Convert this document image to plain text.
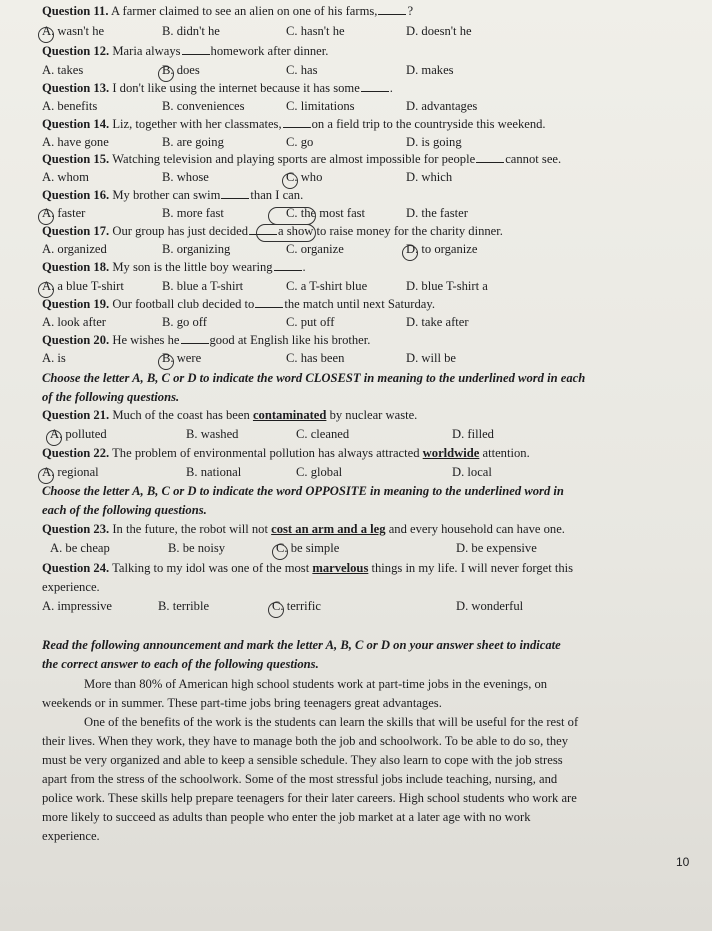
Question 11. A farmer claimed to see an alien on one of his farms, ?
A. wasn't he	B. didn't he	C. hasn't he	D. doesn't he
Question 12. Maria always homework after dinner.
A. takes	B. does	C. has	D. makes
Question 13. I don't like using the internet because it has some .
A. benefits	B. conveniences	C. limitations	D. advantages
Question 14. Liz, together with her classmates, on a field trip to the countryside this weekend.
A. have gone	B. are going	C. go	D. is going
Question 15. Watching television and playing sports are almost impossible for people cannot see.
A. whom	B. whose	C. who	D. which
Question 16. My brother can swim than I can.
A. faster	B. more fast	C. the most fast	D. the faster
Question 17. Our group has just decided a show to raise money for the charity dinner.
A. organized	B. organizing	C. organize	D. to organize
Question 18. My son is the little boy wearing .
A. a blue T-shirt	B. blue a T-shirt	C. a T-shirt blue	D. blue T-shirt a
Question 19. Our football club decided to the match until next Saturday.
A. look after	B. go off	C. put off	D. take after
Question 20. He wishes he good at English like his brother.
A. is	B. were	C. has been	D. will be
Choose the letter A, B, C or D to indicate the word CLOSEST in meaning to the underlined word in each
of the following questions.
Question 21. Much of the coast has been contaminated by nuclear waste.
A. polluted	B. washed	C. cleaned	D. filled
Question 22. The problem of environmental pollution has always attracted worldwide attention.
A. regional	B. national	C. global	D. local
Choose the letter A, B, C or D to indicate the word OPPOSITE in meaning to the underlined word in
each of the following questions.
Question 23. In the future, the robot will not cost an arm and a leg and every household can have one.
A. be cheap	B. be noisy	C. be simple	D. be expensive
Question 24. Talking to my idol was one of the most marvelous things in my life. I will never forget this
experience.
A. impressive	B. terrible	C. terrific	D. wonderful
Read the following announcement and mark the letter A, B, C or D on your answer sheet to indicate
the correct answer to each of the following questions.
More than 80% of American high school students work at part-time jobs in the evenings, on
weekends or in summer. These part-time jobs bring teenagers great advantages.
One of the benefits of the work is the students can learn the skills that will be useful for the rest of
their lives. When they work, they have to manage both the job and schoolwork. To be able to do so, they
must be very organized and able to keep a sensible schedule. They also learn to cope with the job stress
apart from the stress of the schoolwork. Some of the most stressful jobs include teaching, nursing, and
police work. These skills help prepare teenagers for their later careers. High school students who work are
more likely to succeed as adults than people who enter the job market at a later age with no work
experience.
10
